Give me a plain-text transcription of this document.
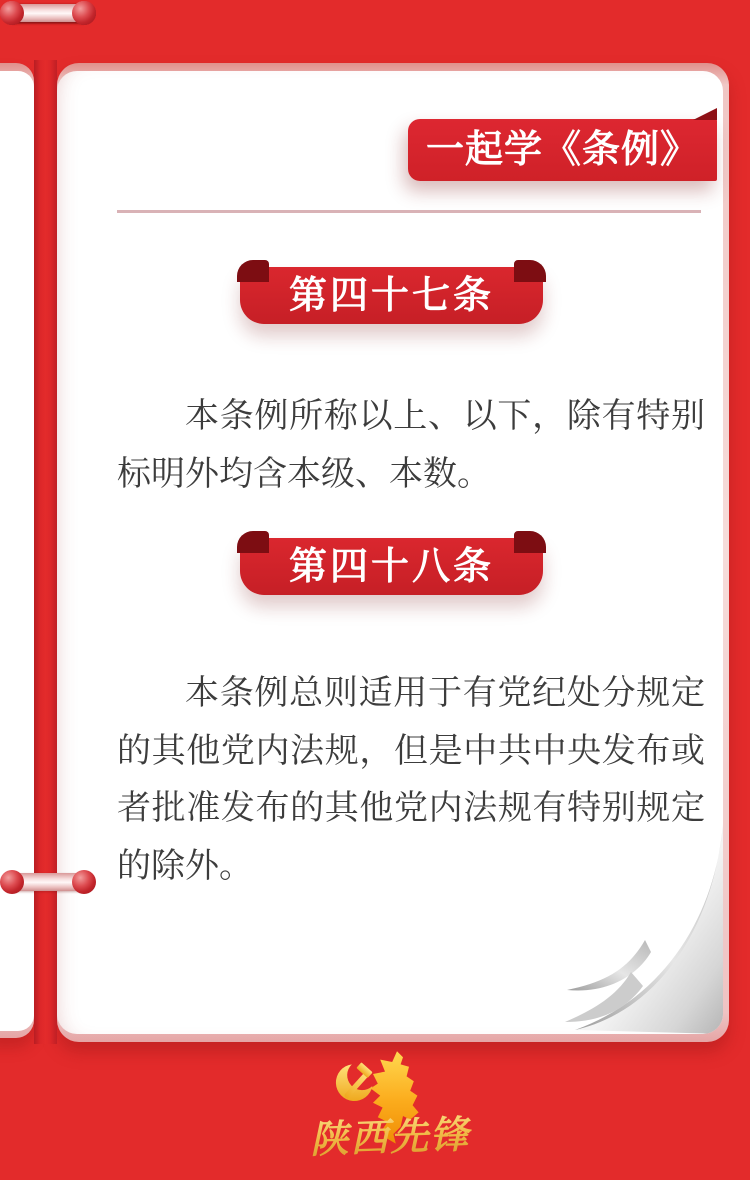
一起学《条例》
第四十七条

本条例所称以上、以下，除有特别标明外均含本级、本数。

第四十八条

本条例总则适用于有党纪处分规定的其他党内法规，但是中共中央发布或者批准发布的其他党内法规有特别规定的除外。

陕西先锋
